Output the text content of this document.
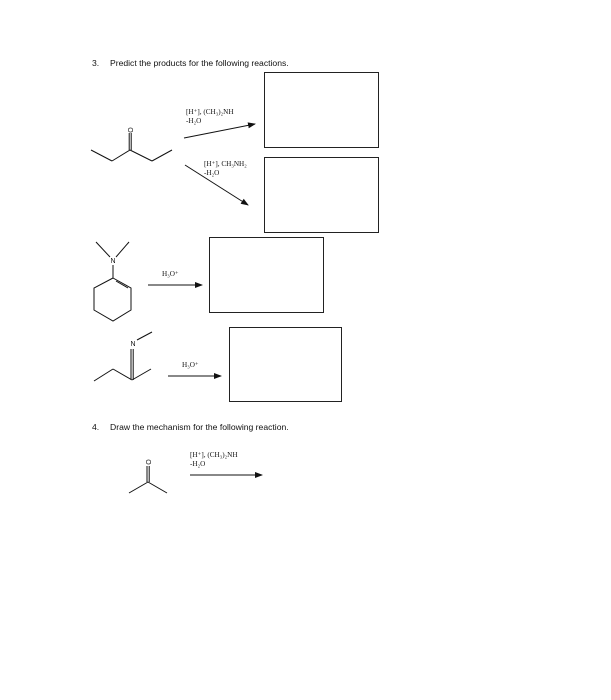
3. Predict the products for the following reactions.
4. Draw the mechanism for the following reaction.
[H⁺], (CH₃)₂NH
-H₂O
[H⁺], CH₃NH₂
-H₂O
H₃O⁺
H₃O⁺
[H⁺], (CH₃)₂NH
-H₂O
O
N
N
O
